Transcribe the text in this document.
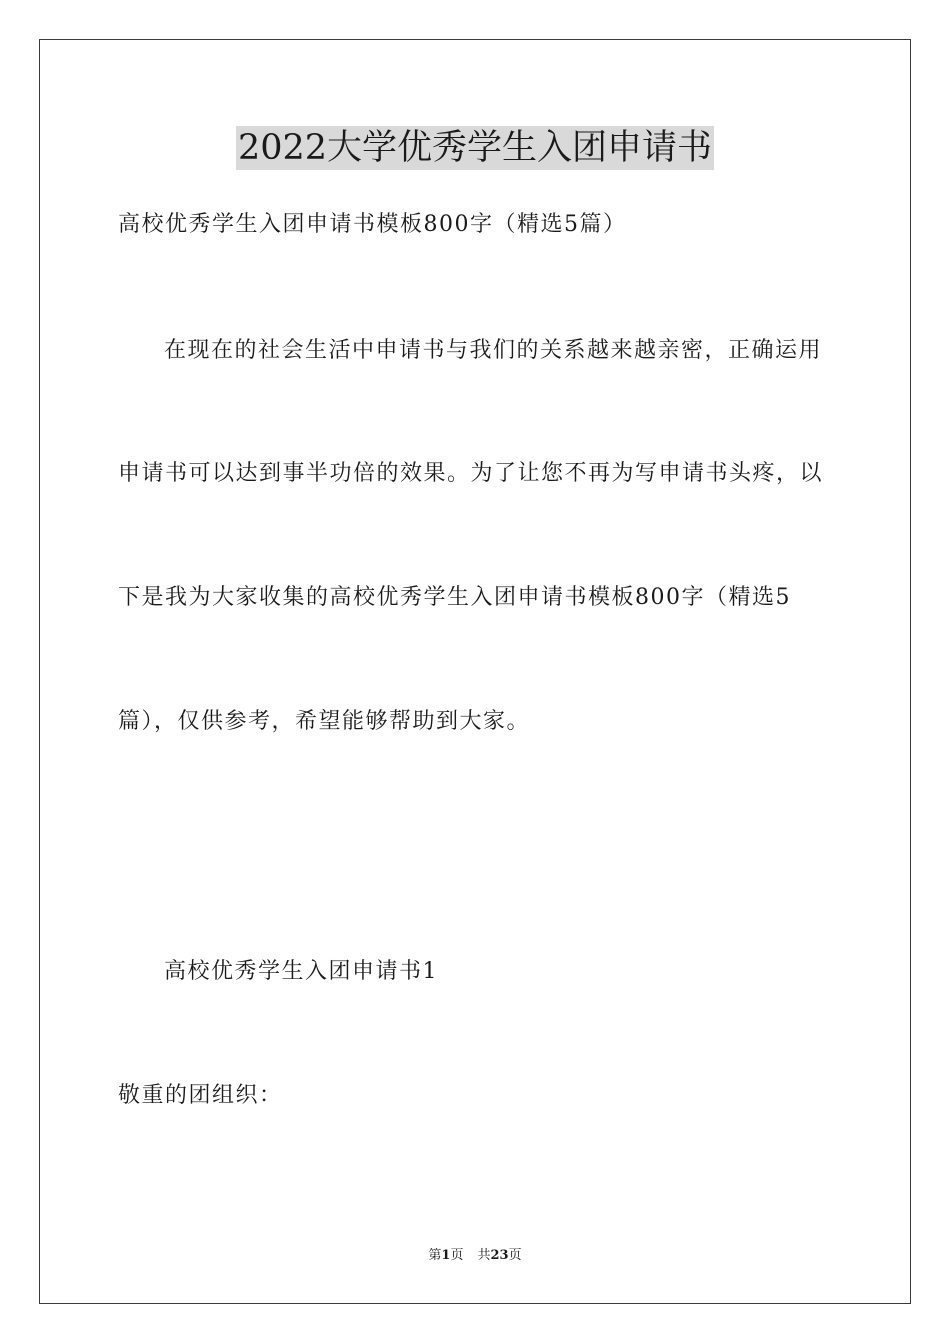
2022大学优秀学生入团申请书
高校优秀学生入团申请书模板800字（精选5篇）
在现在的社会生活中申请书与我们的关系越来越亲密，正确运用
申请书可以达到事半功倍的效果。为了让您不再为写申请书头疼，以
下是我为大家收集的高校优秀学生入团申请书模板800字（精选5
篇），仅供参考，希望能够帮助到大家。
高校优秀学生入团申请书1
敬重的团组织：
第1页 共23页
